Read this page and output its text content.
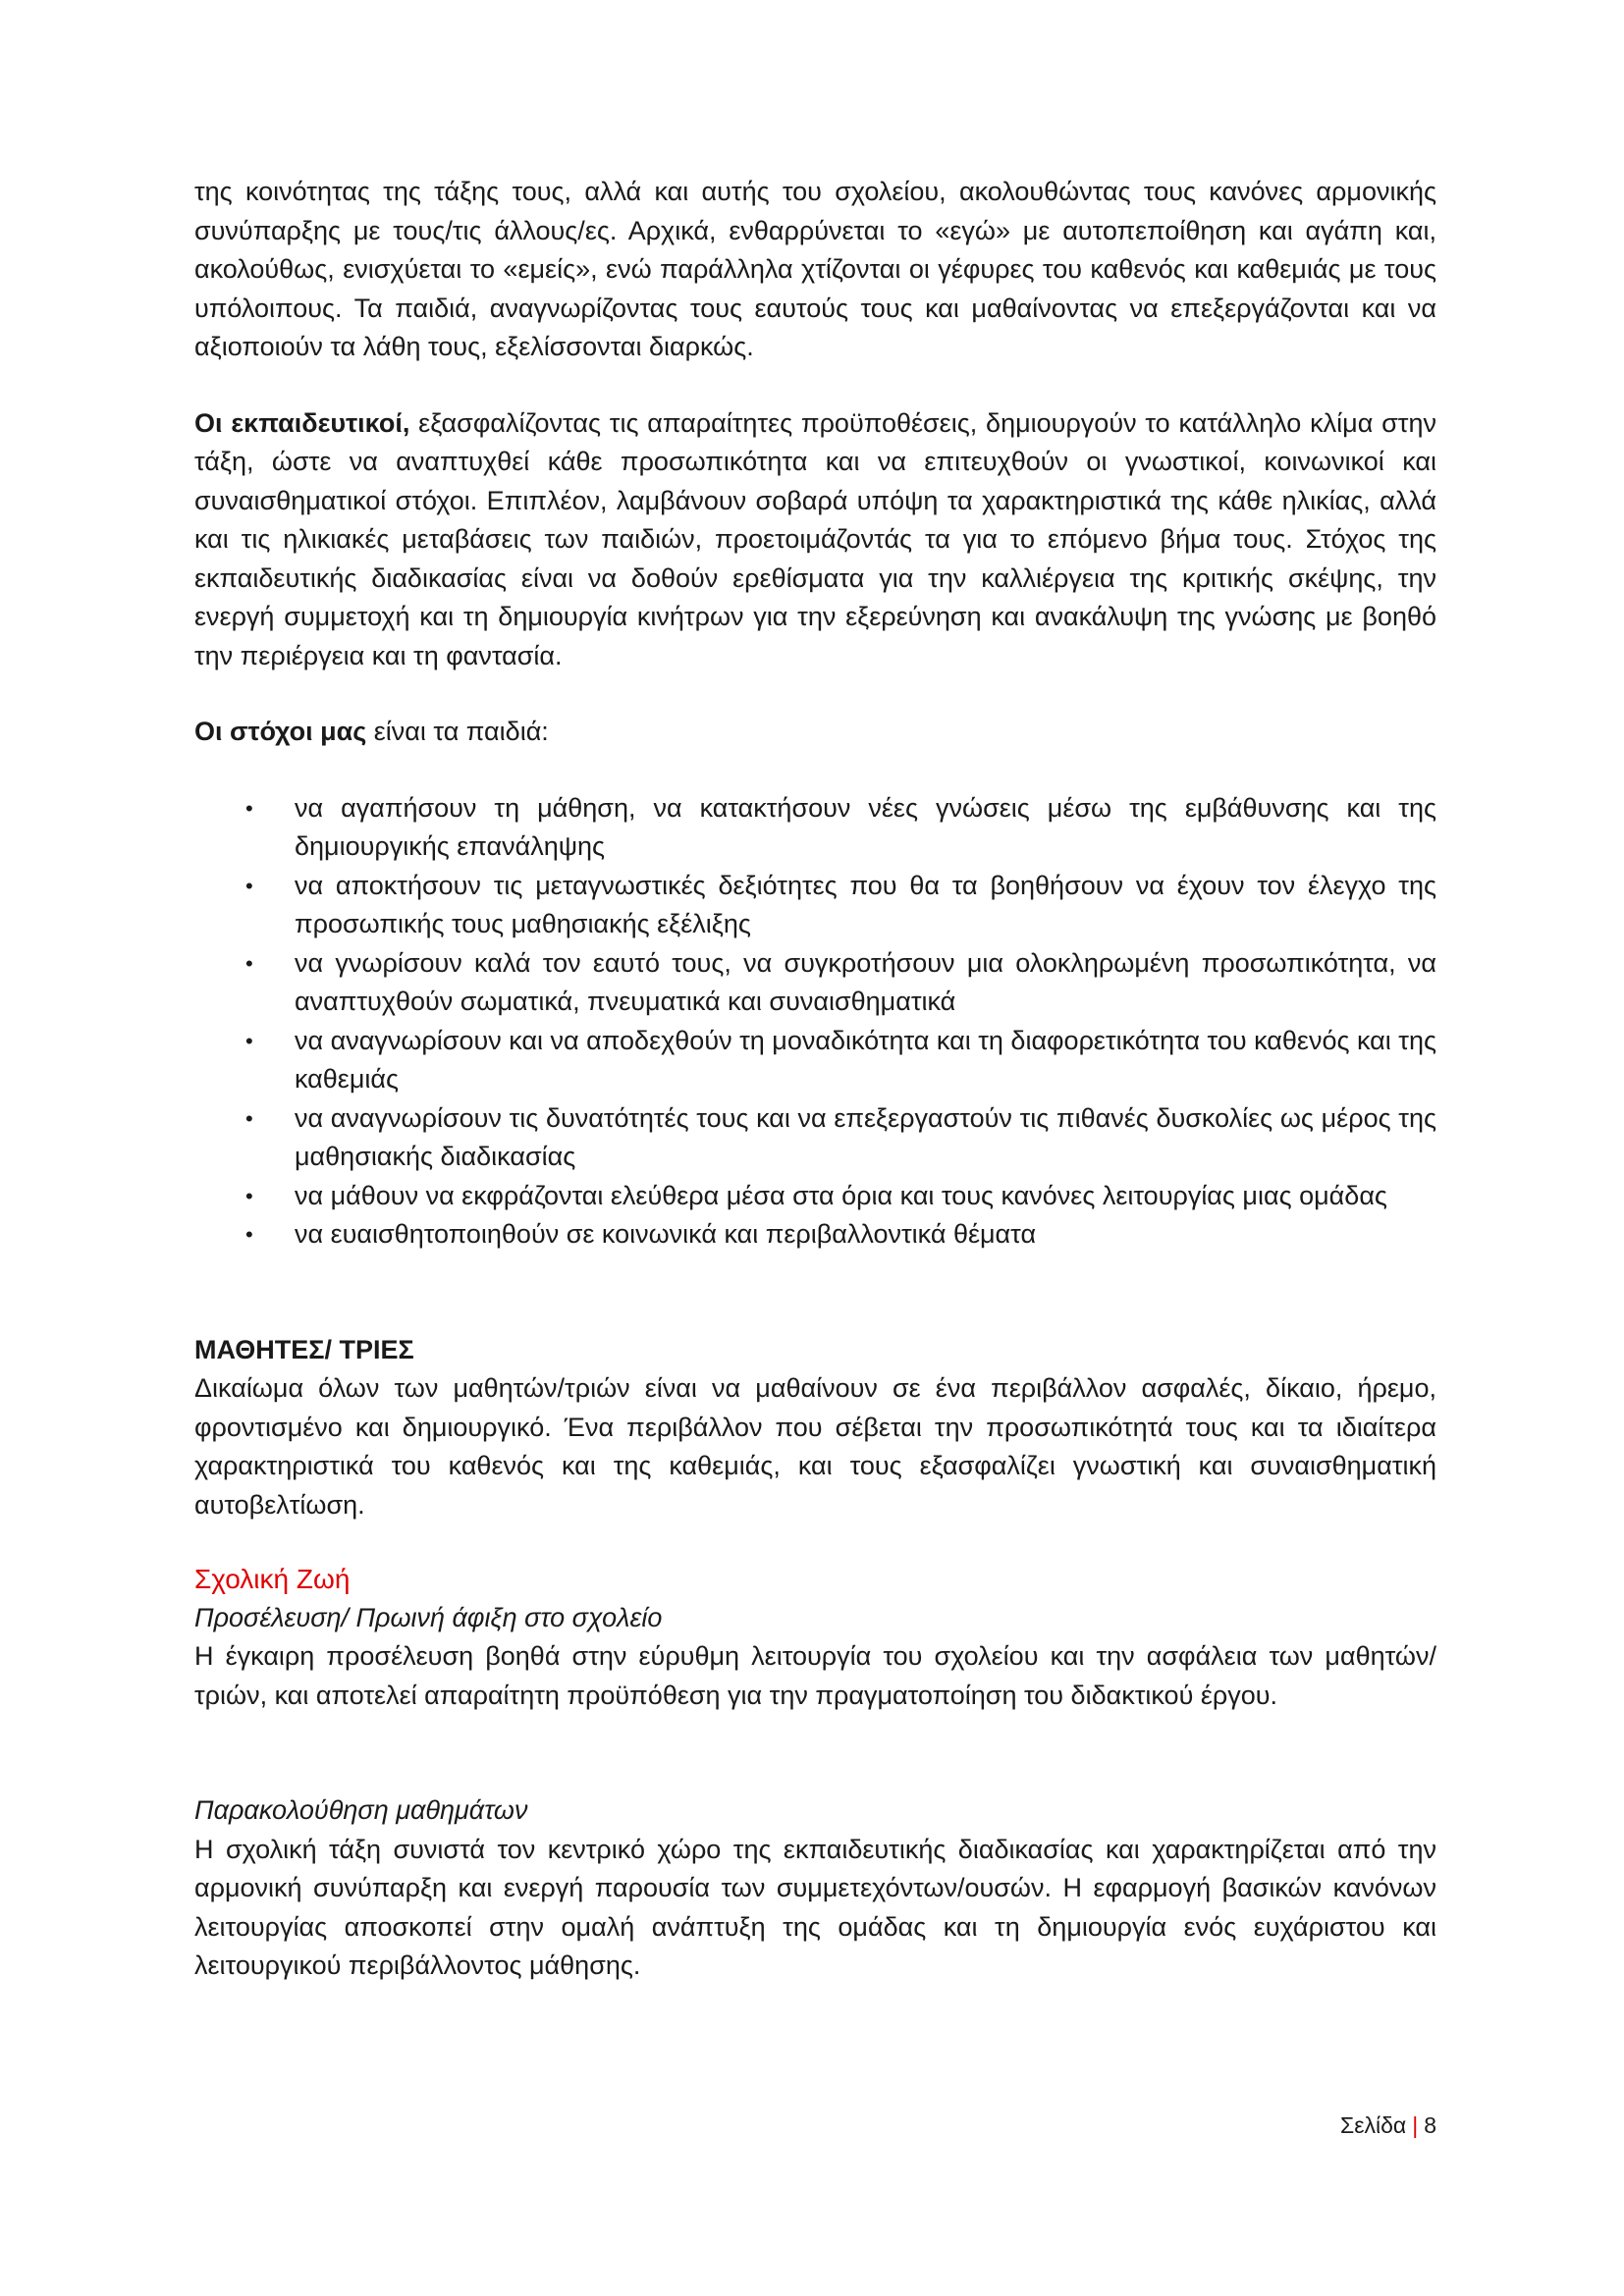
της κοινότητας της τάξης τους, αλλά και αυτής του σχολείου, ακολουθώντας τους κανόνες αρμονικής συνύπαρξης με τους/τις άλλους/ες. Αρχικά, ενθαρρύνεται το «εγώ» με αυτοπεποίθηση και αγάπη και, ακολούθως, ενισχύεται το «εμείς», ενώ παράλληλα χτίζονται οι γέφυρες του καθενός και καθεμιάς με τους υπόλοιπους. Τα παιδιά, αναγνωρίζοντας τους εαυτούς τους και μαθαίνοντας να επεξεργάζονται και να αξιοποιούν τα λάθη τους, εξελίσσονται διαρκώς.

Οι εκπαιδευτικοί, εξασφαλίζοντας τις απαραίτητες προϋποθέσεις, δημιουργούν το κατάλληλο κλίμα στην τάξη, ώστε να αναπτυχθεί κάθε προσωπικότητα και να επιτευχθούν οι γνωστικοί, κοινωνικοί και συναισθηματικοί στόχοι. Επιπλέον, λαμβάνουν σοβαρά υπόψη τα χαρακτηριστικά της κάθε ηλικίας, αλλά και τις ηλικιακές μεταβάσεις των παιδιών, προετοιμάζοντάς τα για το επόμενο βήμα τους. Στόχος της εκπαιδευτικής διαδικασίας είναι να δοθούν ερεθίσματα για την καλλιέργεια της κριτικής σκέψης, την ενεργή συμμετοχή και τη δημιουργία κινήτρων για την εξερεύνηση και ανακάλυψη της γνώσης με βοηθό την περιέργεια και τη φαντασία.

Οι στόχοι μας είναι τα παιδιά:

• να αγαπήσουν τη μάθηση, να κατακτήσουν νέες γνώσεις μέσω της εμβάθυνσης και της δημιουργικής επανάληψης
• να αποκτήσουν τις μεταγνωστικές δεξιότητες που θα τα βοηθήσουν να έχουν τον έλεγχο της προσωπικής τους μαθησιακής εξέλιξης
• να γνωρίσουν καλά τον εαυτό τους, να συγκροτήσουν μια ολοκληρωμένη προσωπικότητα, να αναπτυχθούν σωματικά, πνευματικά και συναισθηματικά
• να αναγνωρίσουν και να αποδεχθούν τη μοναδικότητα και τη διαφορετικότητα του καθενός και της καθεμιάς
• να αναγνωρίσουν τις δυνατότητές τους και να επεξεργαστούν τις πιθανές δυσκολίες ως μέρος της μαθησιακής διαδικασίας
• να μάθουν να εκφράζονται ελεύθερα μέσα στα όρια και τους κανόνες λειτουργίας μιας ομάδας
• να ευαισθητοποιηθούν σε κοινωνικά και περιβαλλοντικά θέματα
ΜΑΘΗΤΕΣ/ ΤΡΙΕΣ

Δικαίωμα όλων των μαθητών/τριών είναι να μαθαίνουν σε ένα περιβάλλον ασφαλές, δίκαιο, ήρεμο, φροντισμένο και δημιουργικό. Ένα περιβάλλον που σέβεται την προσωπικότητά τους και τα ιδιαίτερα χαρακτηριστικά του καθενός και της καθεμιάς, και τους εξασφαλίζει γνωστική και συναισθηματική αυτοβελτίωση.

Σχολική Ζωή

Προσέλευση/ Πρωινή άφιξη στο σχολείο

Η έγκαιρη προσέλευση βοηθά στην εύρυθμη λειτουργία του σχολείου και την ασφάλεια των μαθητών/τριών, και αποτελεί απαραίτητη προϋπόθεση για την πραγματοποίηση του διδακτικού έργου.

Παρακολούθηση μαθημάτων

Η σχολική τάξη συνιστά τον κεντρικό χώρο της εκπαιδευτικής διαδικασίας και χαρακτηρίζεται από την αρμονική συνύπαρξη και ενεργή παρουσία των συμμετεχόντων/ουσών. Η εφαρμογή βασικών κανόνων λειτουργίας αποσκοπεί στην ομαλή ανάπτυξη της ομάδας και τη δημιουργία ενός ευχάριστου και λειτουργικού περιβάλλοντος μάθησης.

Σελίδα | 8
